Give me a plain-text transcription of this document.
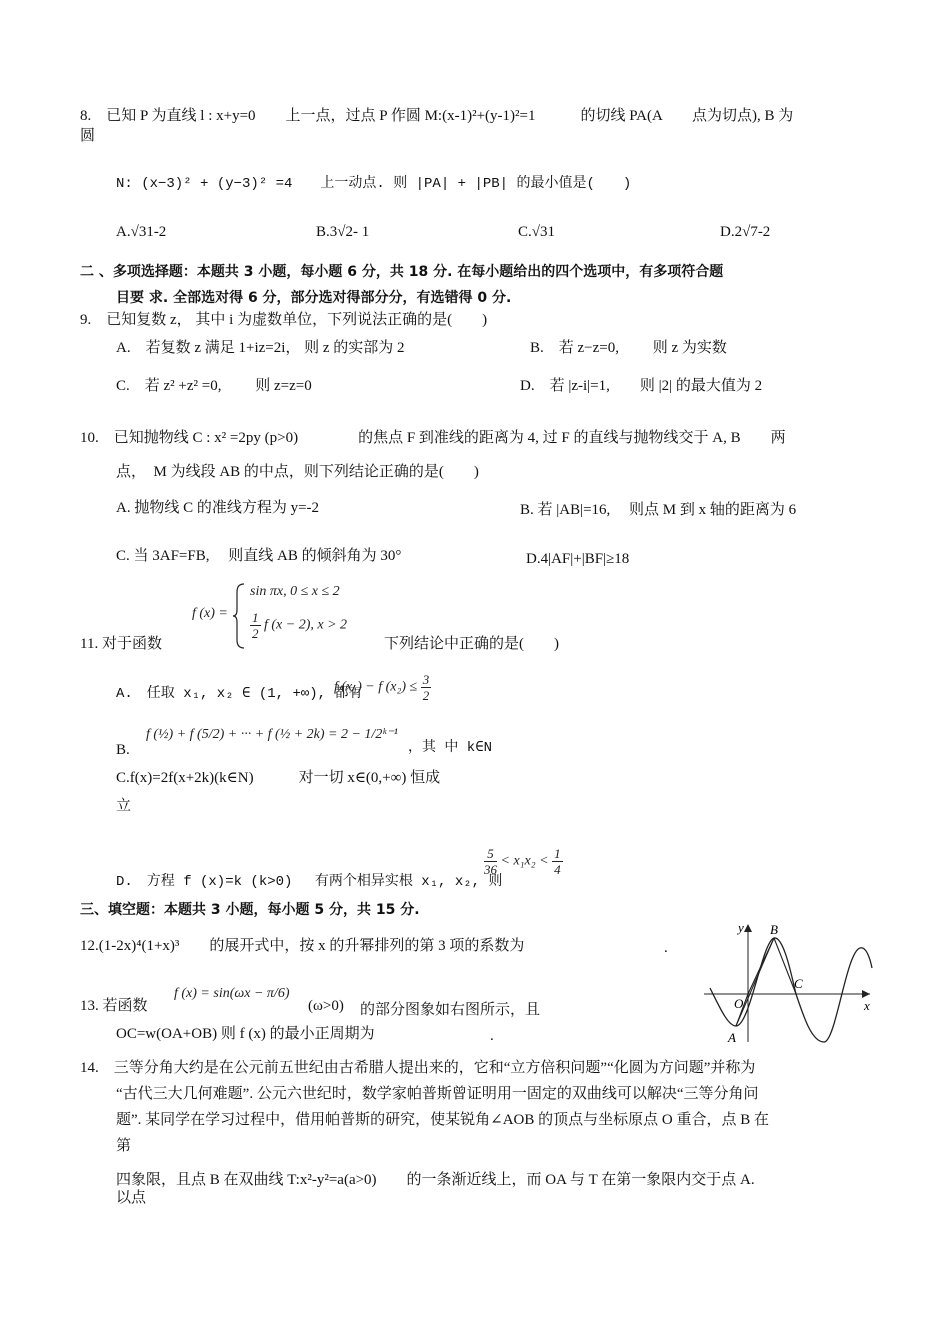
8.　已知 P 为直线 l : x+y=0　　上一点，过点 P 作圆 M:(x-1)²+(y-1)²=1　　　的切线 PA(A　　点为切点), B 为
圆
N: (x−3)² + (y−3)² =4　　上一动点. 则 |PA| + |PB| 的最小值是(　　)
A.√31-2	B.3√2- 1	C.√31	D.2√7-2
二 、多项选择题：本题共 3 小题，每小题 6 分，共 18 分. 在每小题给出的四个选项中，有多项符合题
目要 求. 全部选对得 6 分，部分选对得部分分，有选错得 0 分.
9.　已知复数 z， 其中 i 为虚数单位，下列说法正确的是(　　)
A.　若复数 z 满足 1+iz=2i， 则 z 的实部为 2	B.　若 z−z=0,　　 则 z 为实数
C.　若 z² +z² =0,　　 则 z=z=0	D.　若 |z-i|=1,　　则 |2| 的最大值为 2
10.　已知抛物线 C : x² =2py (p>0)　　　　的焦点 F 到准线的距离为 4, 过 F 的直线与抛物线交于 A, B　　两
点，　M 为线段 AB 的中点，则下列结论正确的是(　　)
A. 抛物线 C 的准线方程为 y=-2	B. 若 |AB|=16,　 则点 M 到 x 轴的距离为 6
C. 当 3AF=FB,　 则直线 AB 的倾斜角为 30°	D.4|AF|+|BF|≥18
f (x) =
sin πx, 0 ≤ x ≤ 2
$\frac{1}{2}$ f (x − 2), x > 2
11. 对于函数	下列结论中正确的是(　　)
A.　任取 x₁, x₂ ∈ (1, +∞), 都有
f (x₁) − f $(x_2) \le \frac{3}{2}$
B.
f (½) + f (5/2) + ··· + f (½ + 2k) = 2 − 1/2ᵏ⁻¹
，其 中 k∈N
C.f(x)=2f(x+2k)(k∈N)　　　对一切 x∈(0,+∞) 恒成
立
D.　方程 f (x)=k (k>0)　 有两个相异实根 x₁, x₂, 则
$\frac{5}{36} < x_1x_2 < \frac{1}{4}$
三、填空题：本题共 3 小题，每小题 5 分，共 15 分.
12.(1-2x)⁴(1+x)³　　的展开式中，按 x 的升幂排列的第 3 项的系数为	.
13. 若函数
f (x) = sin(ωx − π/6)
(ω>0) 的部分图象如右图所示，且
OC=w(OA+OB) 则 f (x) 的最小正周期为	.
y B
C
x
O
A
14.　三等分角大约是在公元前五世纪由古希腊人提出来的，它和“立方倍积问题”“化圆为方问题”并称为
“古代三大几何难题”. 公元六世纪时，数学家帕普斯曾证明用一固定的双曲线可以解决“三等分角问
题”. 某同学在学习过程中，借用帕普斯的研究，使某锐角∠AOB 的顶点与坐标原点 O 重合，点 B 在
第
四象限，且点 B 在双曲线 T:x²-y²=a(a>0)　　的一条渐近线上，而 OA 与 T 在第一象限内交于点 A.
以点
